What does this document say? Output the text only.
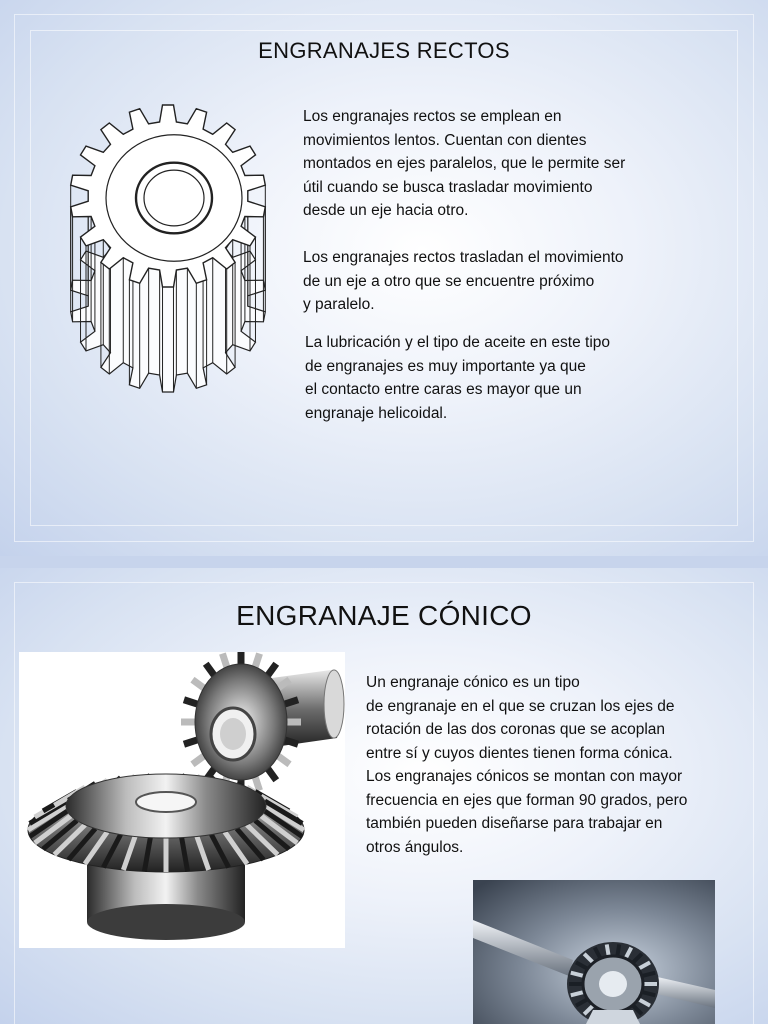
ENGRANAJES RECTOS

Los engranajes rectos se emplean en
movimientos lentos. Cuentan con dientes
montados en ejes paralelos, que le permite ser
útil cuando se busca trasladar movimiento
desde un eje hacia otro.

Los engranajes rectos trasladan el movimiento
de un eje a otro que se encuentre próximo
y paralelo.

La lubricación y el tipo de aceite en este tipo
de engranajes es muy importante ya que
el contacto entre caras es mayor que un
engranaje helicoidal.

ENGRANAJE CÓNICO

Un engranaje cónico es un tipo
de engranaje en el que se cruzan los ejes de
rotación de las dos coronas que se acoplan
entre sí y cuyos dientes tienen forma cónica.
Los engranajes cónicos se montan con mayor
frecuencia en ejes que forman 90 grados, pero
también pueden diseñarse para trabajar en
otros ángulos.
